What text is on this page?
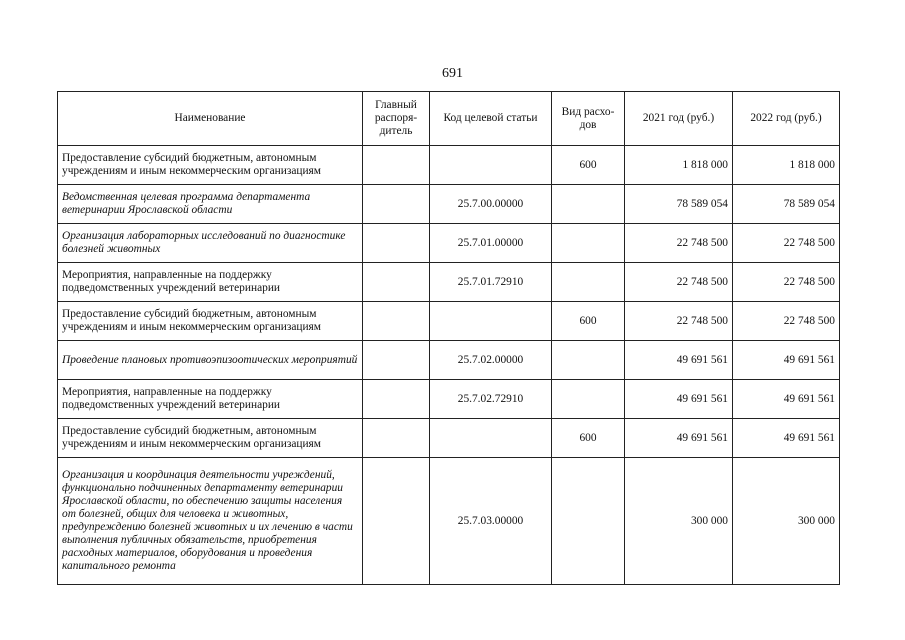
691
Наименование	Главный распоря-дитель	Код целевой статьи	Вид расхо-дов	2021 год (руб.)	2022 год (руб.)
Предоставление субсидий бюджетным, автономным учреждениям и иным некоммерческим организациям			600	1 818 000	1 818 000
Ведомственная целевая программа департамента ветеринарии Ярославской области		25.7.00.00000		78 589 054	78 589 054
Организация лабораторных исследований по диагностике болезней животных		25.7.01.00000		22 748 500	22 748 500
Мероприятия, направленные на поддержку подведомственных учреждений ветеринарии		25.7.01.72910		22 748 500	22 748 500
Предоставление субсидий бюджетным, автономным учреждениям и иным некоммерческим организациям			600	22 748 500	22 748 500
Проведение плановых противоэпизоотических мероприятий		25.7.02.00000		49 691 561	49 691 561
Мероприятия, направленные на поддержку подведомственных учреждений ветеринарии		25.7.02.72910		49 691 561	49 691 561
Предоставление субсидий бюджетным, автономным учреждениям и иным некоммерческим организациям			600	49 691 561	49 691 561
Организация и координация деятельности учреждений, функционально подчиненных департаменту ветеринарии Ярославской области, по обеспечению защиты населения от болезней, общих для человека и животных, предупреждению болезней животных и их лечению в части выполнения публичных обязательств, приобретения расходных материалов, оборудования и проведения капитального ремонта		25.7.03.00000		300 000	300 000
